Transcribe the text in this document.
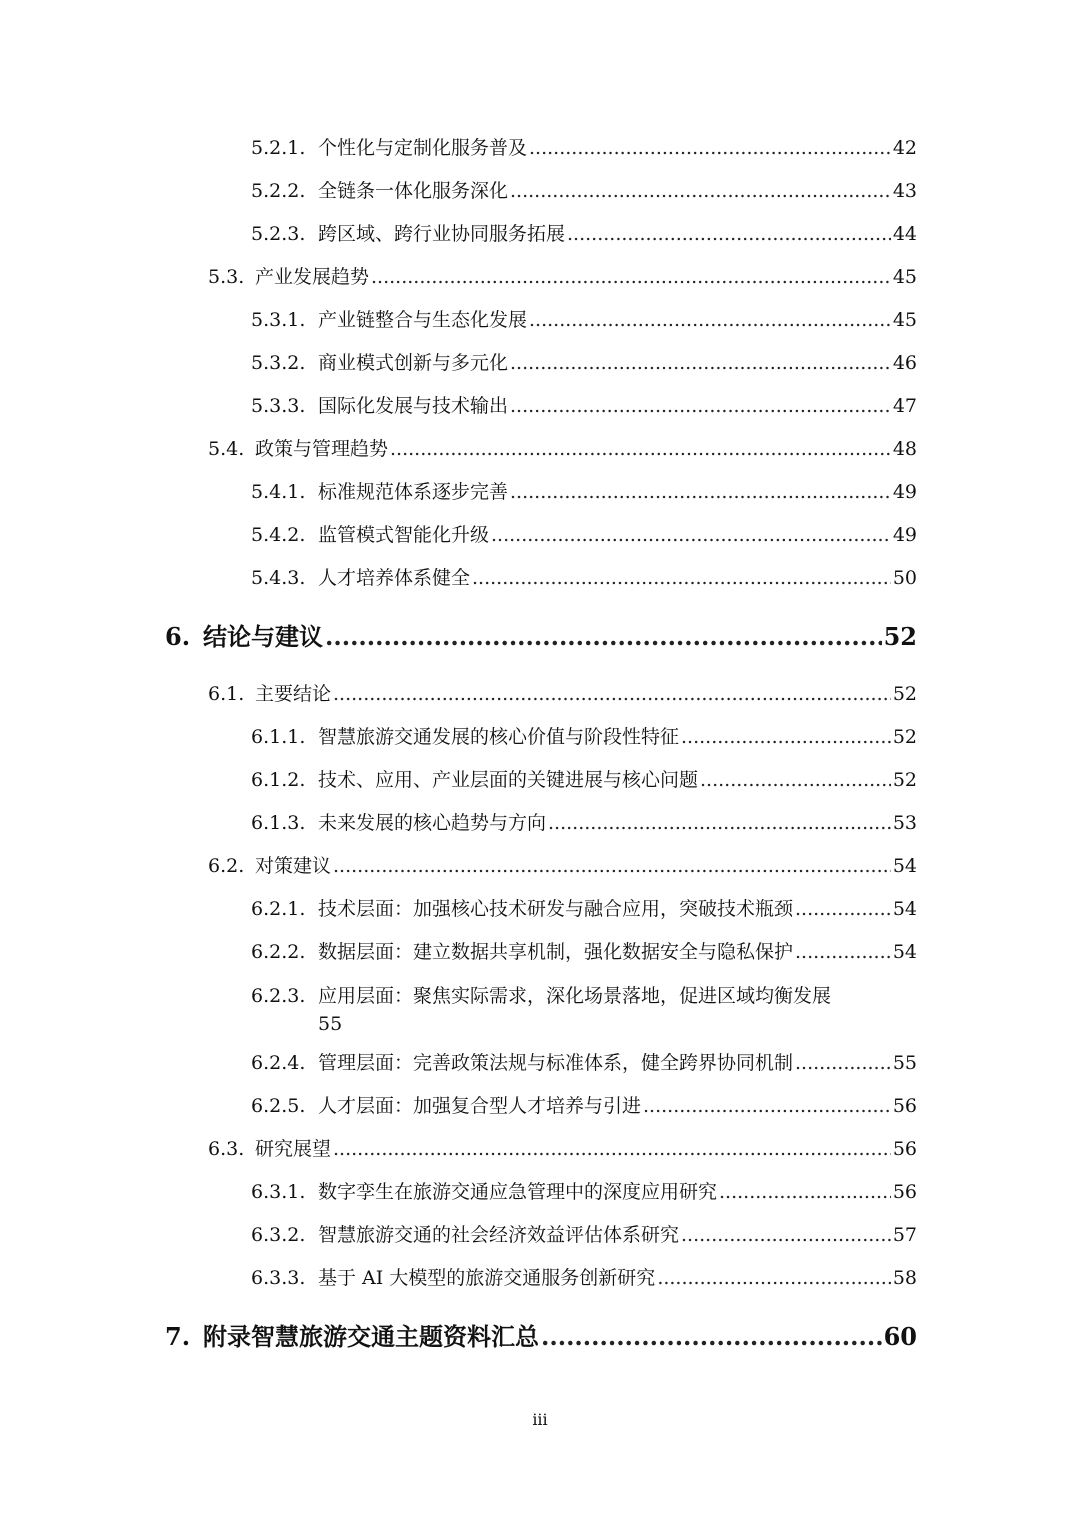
5.2.1. 个性化与定制化服务普及 .....	42
5.2.2. 全链条一体化服务深化 .....	43
5.2.3. 跨区域、跨行业协同服务拓展 .....	44
5.3. 产业发展趋势 .....	45
5.3.1. 产业链整合与生态化发展 .....	45
5.3.2. 商业模式创新与多元化 .....	46
5.3.3. 国际化发展与技术输出 .....	47
5.4. 政策与管理趋势 .....	48
5.4.1. 标准规范体系逐步完善 .....	49
5.4.2. 监管模式智能化升级 .....	49
5.4.3. 人才培养体系健全 .....	50
6. 结论与建议 .....	52
6.1. 主要结论 .....	52
6.1.1. 智慧旅游交通发展的核心价值与阶段性特征 .....	52
6.1.2. 技术、应用、产业层面的关键进展与核心问题 .....	52
6.1.3. 未来发展的核心趋势与方向 .....	53
6.2. 对策建议 .....	54
6.2.1. 技术层面：加强核心技术研发与融合应用，突破技术瓶颈 .....	54
6.2.2. 数据层面：建立数据共享机制，强化数据安全与隐私保护 .....	54
6.2.3. 应用层面：聚焦实际需求，深化场景落地，促进区域均衡发展
55
6.2.4. 管理层面：完善政策法规与标准体系，健全跨界协同机制 .....	55
6.2.5. 人才层面：加强复合型人才培养与引进 .....	56
6.3. 研究展望 .....	56
6.3.1. 数字孪生在旅游交通应急管理中的深度应用研究 .....	56
6.3.2. 智慧旅游交通的社会经济效益评估体系研究 .....	57
6.3.3. 基于 AI 大模型的旅游交通服务创新研究 .....	58
7. 附录智慧旅游交通主题资料汇总 .....	60
iii
